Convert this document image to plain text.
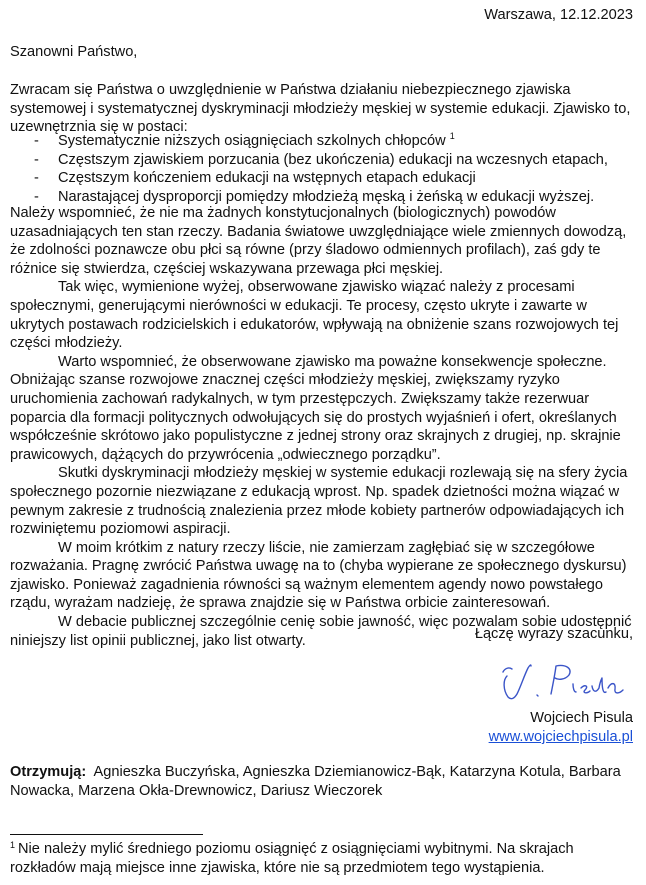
Warszawa, 12.12.2023
Szanowni Państwo,
Zwracam się Państwa o uwzględnienie w Państwa działaniu niebezpiecznego zjawiska systemowej i systematycznej dyskryminacji młodzieży męskiej w systemie edukacji. Zjawisko to, uzewnętrznia się w postaci:
- Systematycznie niższych osiągnięciach szkolnych chłopców $^1$
- Częstszym zjawiskiem porzucania (bez ukończenia) edukacji na wczesnych etapach,
- Częstszym kończeniem edukacji na wstępnych etapach edukacji
- Narastającej dysproporcji pomiędzy młodzieżą męską i żeńską w edukacji wyższej.

Należy wspomnieć, że nie ma żadnych konstytucjonalnych (biologicznych) powodów uzasadniających ten stan rzeczy. Badania światowe uwzględniające wiele zmiennych dowodzą, że zdolności poznawcze obu płci są równe (przy śladowo odmiennych profilach), zaś gdy te różnice się stwierdza, częściej wskazywana przewaga płci męskiej.

Tak więc, wymienione wyżej, obserwowane zjawisko wiązać należy z procesami społecznymi, generującymi nierówności w edukacji. Te procesy, często ukryte i zawarte w ukrytych postawach rodzicielskich i edukatorów, wpływają na obniżenie szans rozwojowych tej części młodzieży.

Warto wspomnieć, że obserwowane zjawisko ma poważne konsekwencje społeczne. Obniżając szanse rozwojowe znacznej części młodzieży męskiej, zwiększamy ryzyko uruchomienia zachowań radykalnych, w tym przestępczych. Zwiększamy także rezerwuar poparcia dla formacji politycznych odwołujących się do prostych wyjaśnień i ofert, określanych współcześnie skrótowo jako populistyczne z jednej strony oraz skrajnych z drugiej, np. skrajnie prawicowych, dążących do przywrócenia „odwiecznego porządku”.

Skutki dyskryminacji młodzieży męskiej w systemie edukacji rozlewają się na sfery życia społecznego pozornie niezwiązane z edukacją wprost. Np. spadek dzietności można wiązać w pewnym zakresie z trudnością znalezienia przez młode kobiety partnerów odpowiadających ich rozwiniętemu poziomowi aspiracji.

W moim krótkim z natury rzeczy liście, nie zamierzam zagłębiać się w szczegółowe rozważania. Pragnę zwrócić Państwa uwagę na to (chyba wypierane ze społecznego dyskursu) zjawisko. Ponieważ zagadnienia równości są ważnym elementem agendy nowo powstałego rządu, wyrażam nadzieję, że sprawa znajdzie się w Państwa orbicie zainteresowań.

W debacie publicznej szczególnie cenię sobie jawność, więc pozwalam sobie udostępnić niniejszy list opinii publicznej, jako list otwarty.	Łączę wyrazy szacunku,
Wojciech Pisula
www.wojciechpisula.pl
Otrzymują: Agnieszka Buczyńska, Agnieszka Dziemianowicz-Bąk, Katarzyna Kotula, Barbara Nowacka, Marzena Okła-Drewnowicz, Dariusz Wieczorek
$^1$ Nie należy mylić średniego poziomu osiągnięć z osiągnięciami wybitnymi. Na skrajach rozkładów mają miejsce inne zjawiska, które nie są przedmiotem tego wystąpienia.
